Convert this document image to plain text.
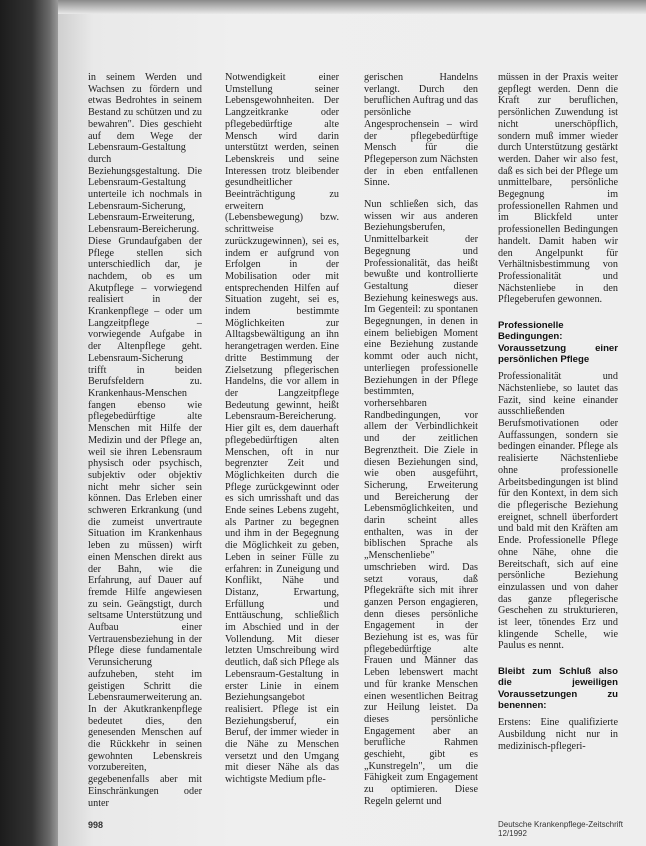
in seinem Werden und Wachsen zu fördern und etwas Bedrohtes in seinem Bestand zu schützen und zu bewahren". Dies geschieht auf dem Wege der Lebensraum-Gestaltung durch Beziehungsgestaltung. Die Lebensraum-Gestaltung unterteile ich nochmals in Lebensraum-Sicherung, Lebensraum-Erweiterung, Lebensraum-Bereicherung. Diese Grundaufgaben der Pflege stellen sich unterschiedlich dar, je nachdem, ob es um Akutpflege – vorwiegend realisiert in der Krankenpflege – oder um Langzeitpflege – vorwiegende Aufgabe in der Altenpflege geht. Lebensraum-Sicherung trifft in beiden Berufsfeldern zu. Krankenhaus-Menschen fangen ebenso wie pflegebedürftige alte Menschen mit Hilfe der Medizin und der Pflege an, weil sie ihren Lebensraum physisch oder psychisch, subjektiv oder objektiv nicht mehr sicher sein können. Das Erleben einer schweren Erkrankung (und die zumeist unvertraute Situation im Krankenhaus leben zu müssen) wirft einen Menschen direkt aus der Bahn, wie die Erfahrung, auf Dauer auf fremde Hilfe angewiesen zu sein. Geängstigt, durch seltsame Unterstützung und Aufbau einer Vertrauensbeziehung in der Pflege diese fundamentale Verunsicherung aufzuheben, steht im geistigen Schritt die Lebensraumerweiterung an. In der Akutkrankenpflege bedeutet dies, den genesenden Menschen auf die Rückkehr in seinen gewohnten Lebenskreis vorzubereiten, gegebenenfalls aber mit Einschränkungen oder unter

Notwendigkeit einer Umstellung seiner Lebensgewohnheiten. Der Langzeitkranke oder pflegebedürftige alte Mensch wird darin unterstützt werden, seinen Lebenskreis und seine Interessen trotz bleibender gesundheitlicher Beeinträchtigung zu erweitern (Lebensbewegung) bzw. schrittweise zurückzugewinnen), sei es, indem er aufgrund von Erfolgen in der Mobilisation oder mit entsprechenden Hilfen auf Situation zugeht, sei es, indem bestimmte Möglichkeiten zur Alltagsbewältigung an ihn herangetragen werden. Eine dritte Bestimmung der Zielsetzung pflegerischen Handelns, die vor allem in der Langzeitpflege Bedeutung gewinnt, heißt Lebensraum-Bereicherung. Hier gilt es, dem dauerhaft pflegebedürftigen alten Menschen, oft in nur begrenzter Zeit und Möglichkeiten durch die Pflege zurückgewinnt oder es sich umrisshaft und das Ende seines Lebens zugeht, als Partner zu begegnen und ihm in der Begegnung die Möglichkeit zu geben, Leben in seiner Fülle zu erfahren: in Zuneigung und Konflikt, Nähe und Distanz, Erwartung, Erfüllung und Enttäuschung, schließlich im Abschied und in der Vollendung. Mit dieser letzten Umschreibung wird deutlich, daß sich Pflege als Lebensraum-Gestaltung in erster Linie in einem Beziehungsangebot realisiert. Pflege ist ein Beziehungsberuf, ein Beruf, der immer wieder in die Nähe zu Menschen versetzt und den Umgang mit dieser Nähe als das wichtigste Medium pfle-

gerischen Handelns verlangt. Durch den beruflichen Auftrag und das persönliche Angesprochensein – wird der pflegebedürftige Mensch für die Pflegeperson zum Nächsten der in eben entfallenen Sinne.

Nun schließen sich, das wissen wir aus anderen Beziehungsberufen, Unmittelbarkeit der Begegnung und Professionalität, das heißt bewußte und kontrollierte Gestaltung dieser Beziehung keineswegs aus. Im Gegenteil: zu spontanen Begegnungen, in denen in einem beliebigen Moment eine Beziehung zustande kommt oder auch nicht, unterliegen professionelle Beziehungen in der Pflege bestimmten, vorhersehbaren Randbedingungen, vor allem der Verbindlichkeit und der zeitlichen Begrenztheit. Die Ziele in diesen Beziehungen sind, wie oben ausgeführt, Sicherung, Erweiterung und Bereicherung der Lebensmöglichkeiten, und darin scheint alles enthalten, was in der biblischen Sprache als „Menschenliebe" umschrieben wird. Das setzt voraus, daß Pflegekräfte sich mit ihrer ganzen Person engagieren, denn dieses persönliche Engagement in der Beziehung ist es, was für pflegebedürftige alte Frauen und Männer das Leben lebenswert macht und für kranke Menschen einen wesentlichen Beitrag zur Heilung leistet. Da dieses persönliche Engagement aber an berufliche Rahmen geschieht, gibt es „Kunstregeln", um die Fähigkeit zum Engagement zu optimieren. Diese Regeln gelernt und

müssen in der Praxis weiter gepflegt werden. Denn die Kraft zur beruflichen, persönlichen Zuwendung ist nicht unerschöpflich, sondern muß immer wieder durch Unterstützung gestärkt werden. Daher wir also fest, daß es sich bei der Pflege um unmittelbare, persönliche Begegnung im professionellen Rahmen und im Blickfeld unter professionellen Bedingungen handelt. Damit haben wir den Angelpunkt für Verhältnisbestimmung von Professionalität und Nächstenliebe in den Pflegeberufen gewonnen.

Professionelle Bedingungen: Voraussetzung einer persönlichen Pflege

Professionalität und Nächstenliebe, so lautet das Fazit, sind keine einander ausschließenden Berufsmotivationen oder Auffassungen, sondern sie bedingen einander. Pflege als realisierte Nächstenliebe ohne professionelle Arbeitsbedingungen ist blind für den Kontext, in dem sich die pflegerische Beziehung ereignet, schnell überfordert und bald mit den Kräften am Ende. Professionelle Pflege ohne Nähe, ohne die Bereitschaft, sich auf eine persönliche Beziehung einzulassen und von daher das ganze pflegerische Geschehen zu strukturieren, ist leer, tönendes Erz und klingende Schelle, wie Paulus es nennt.

Bleibt zum Schluß also die jeweiligen Voraussetzungen zu benennen:

Erstens: Eine qualifizierte Ausbildung nicht nur in medizinisch-pflegeri-

998	Deutsche Krankenpflege-Zeitschrift 12/1992
